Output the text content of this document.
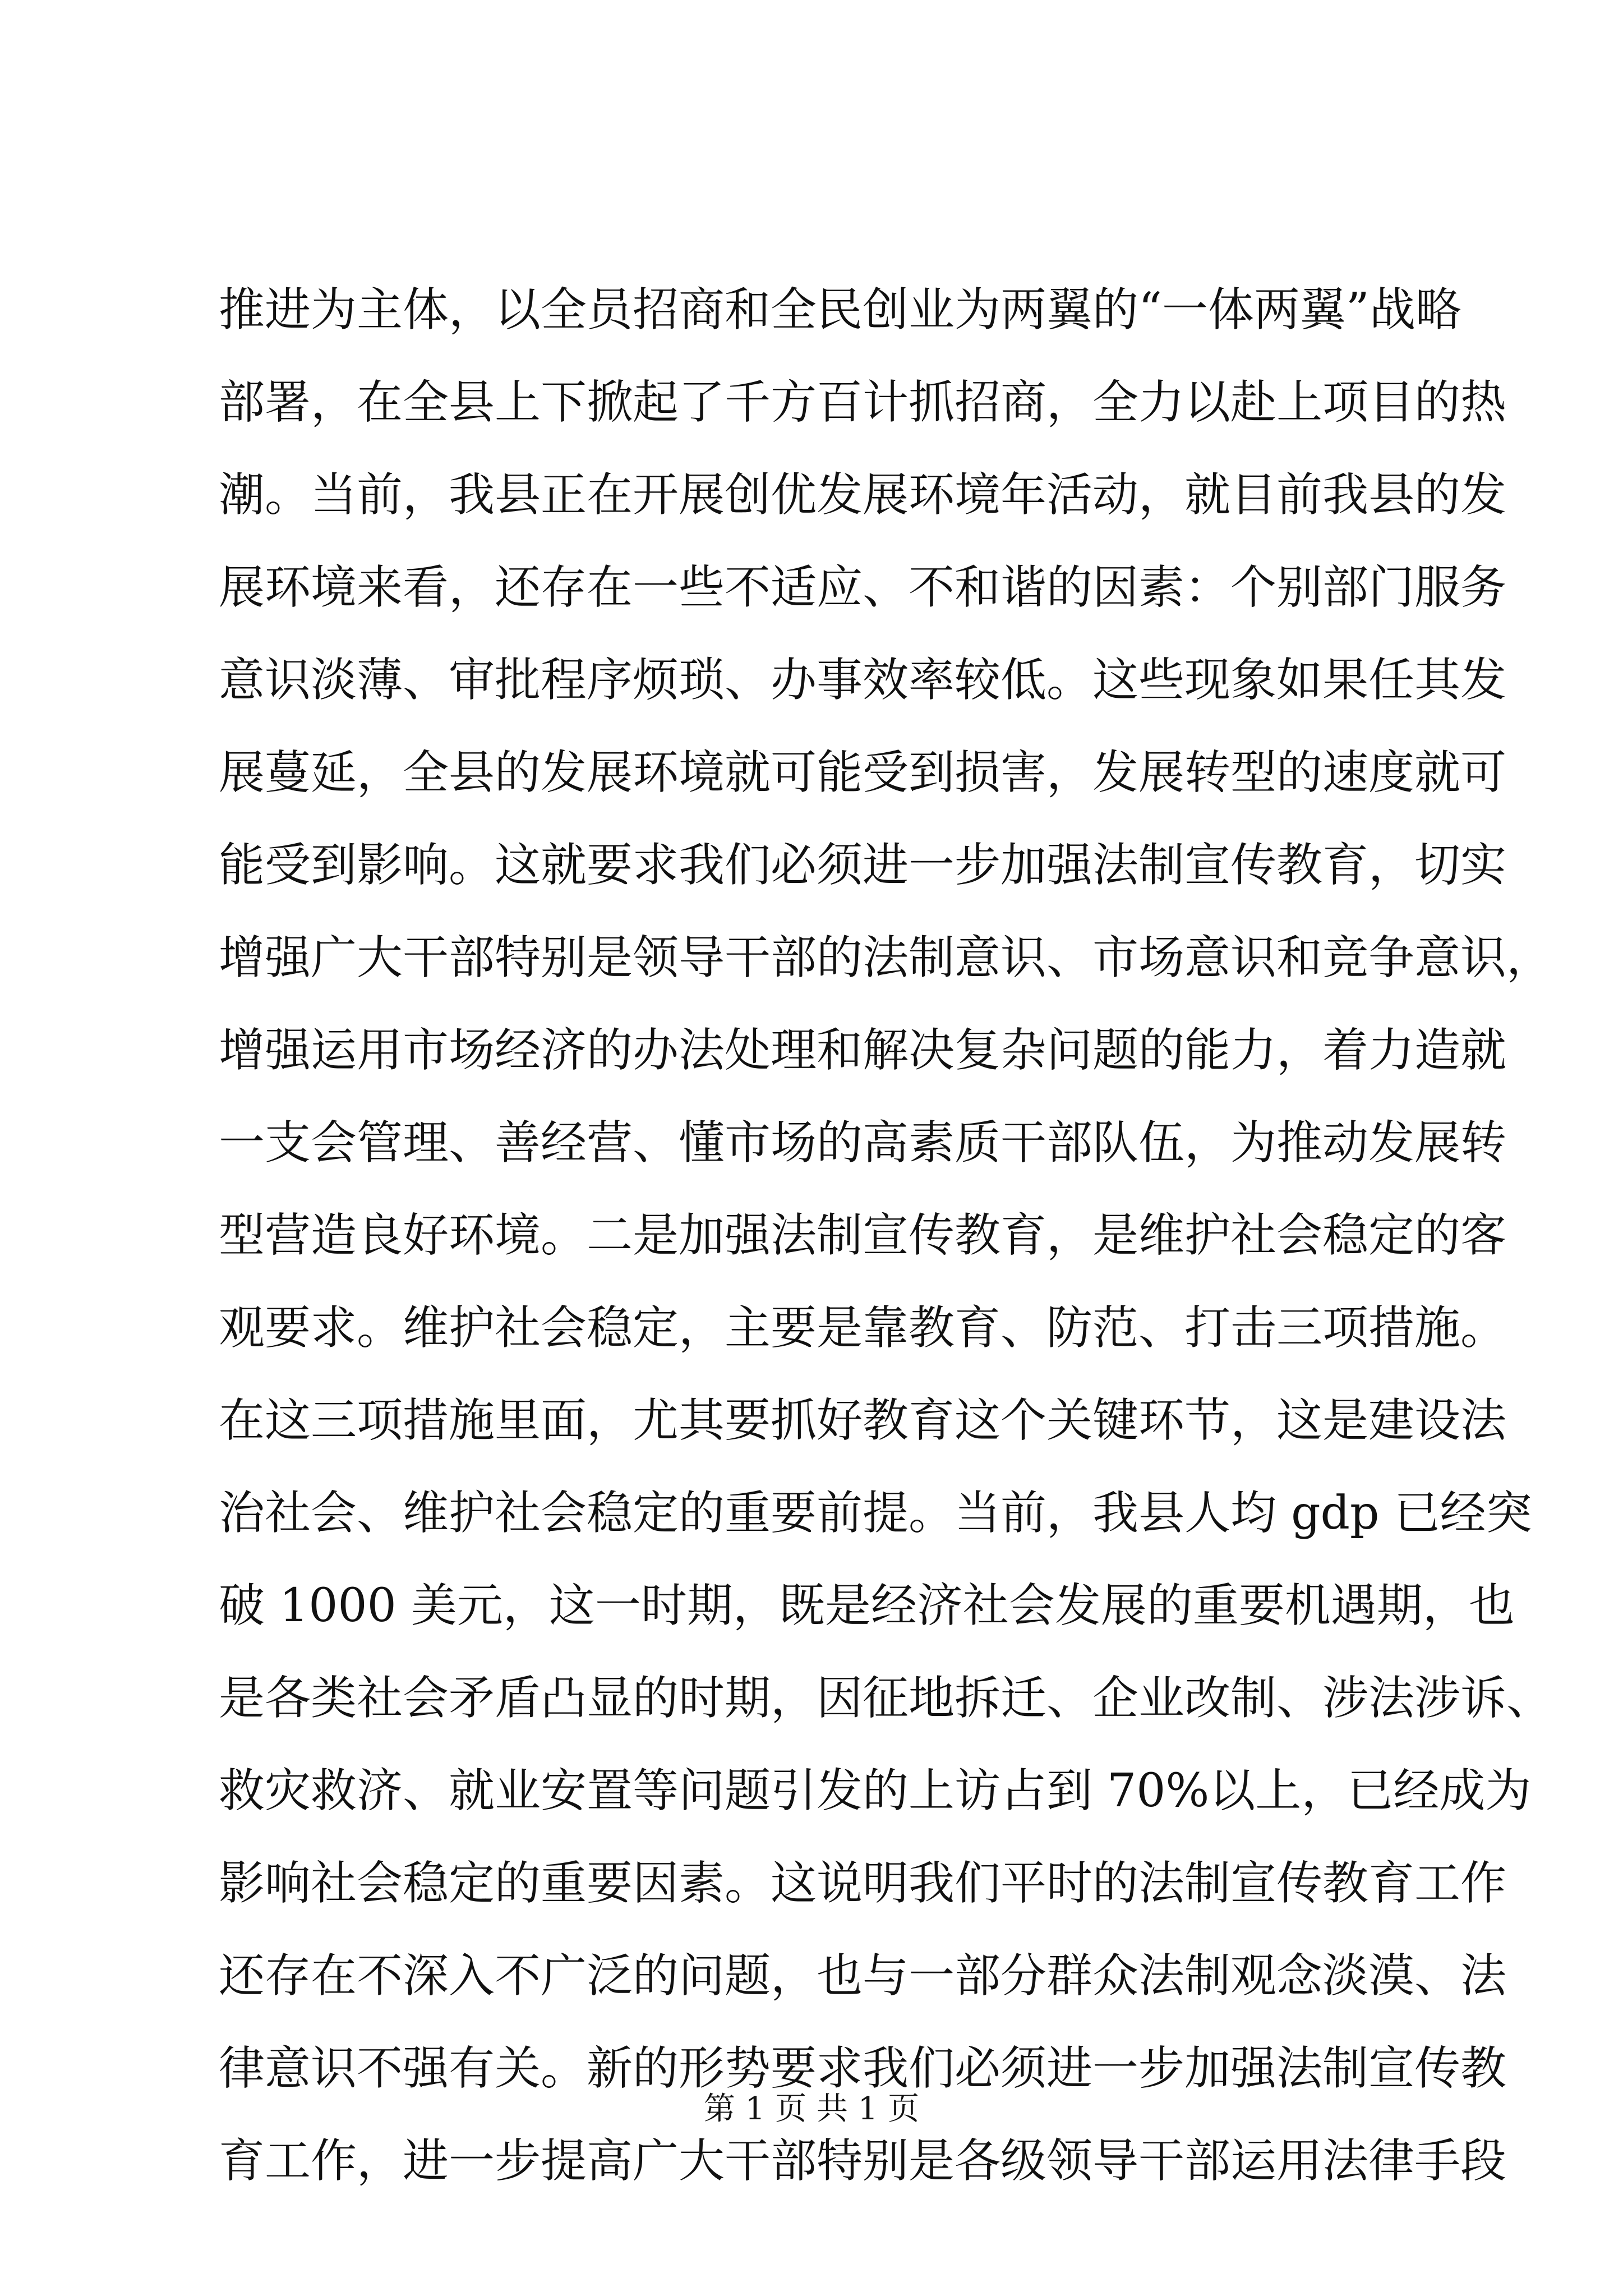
推进为主体，以全员招商和全民创业为两翼的“一体两翼”战略
部署，在全县上下掀起了千方百计抓招商，全力以赴上项目的热
潮。当前，我县正在开展创优发展环境年活动，就目前我县的发
展环境来看，还存在一些不适应、不和谐的因素：个别部门服务
意识淡薄、审批程序烦琐、办事效率较低。这些现象如果任其发
展蔓延，全县的发展环境就可能受到损害，发展转型的速度就可
能受到影响。这就要求我们必须进一步加强法制宣传教育，切实
增强广大干部特别是领导干部的法制意识、市场意识和竞争意识，
增强运用市场经济的办法处理和解决复杂问题的能力，着力造就
一支会管理、善经营、懂市场的高素质干部队伍，为推动发展转
型营造良好环境。二是加强法制宣传教育，是维护社会稳定的客
观要求。维护社会稳定，主要是靠教育、防范、打击三项措施。
在这三项措施里面，尤其要抓好教育这个关键环节，这是建设法
治社会、维护社会稳定的重要前提。当前，我县人均 gdp 已经突
破 1000 美元，这一时期，既是经济社会发展的重要机遇期，也
是各类社会矛盾凸显的时期，因征地拆迁、企业改制、涉法涉诉、
救灾救济、就业安置等问题引发的上访占到 70%以上，已经成为
影响社会稳定的重要因素。这说明我们平时的法制宣传教育工作
还存在不深入不广泛的问题，也与一部分群众法制观念淡漠、法
律意识不强有关。新的形势要求我们必须进一步加强法制宣传教
育工作，进一步提高广大干部特别是各级领导干部运用法律手段
第 1 页 共 1 页
